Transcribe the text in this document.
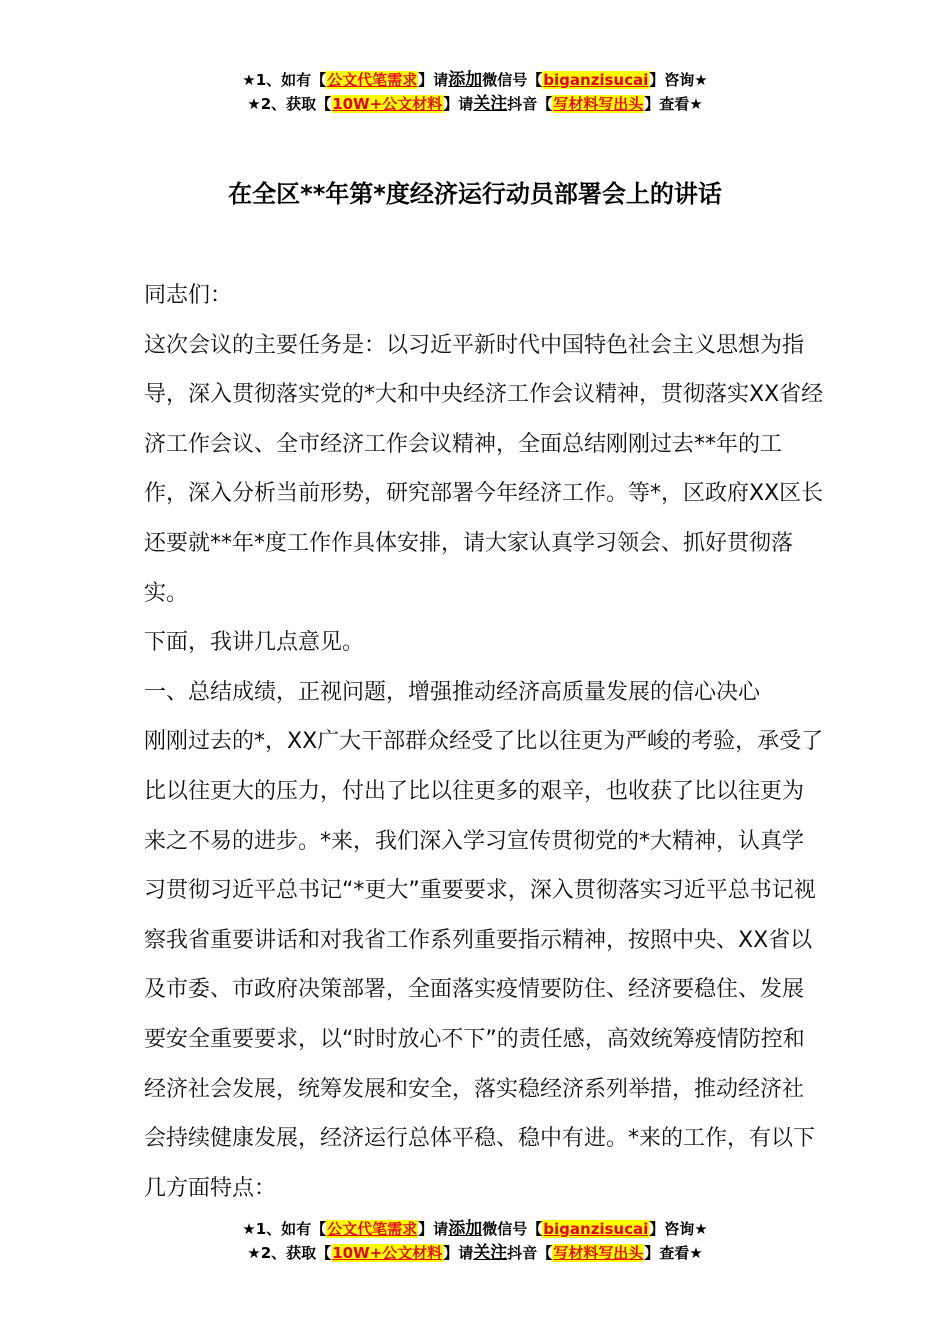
★1、如有【公文代笔需求】请添加微信号【biganzisucai】咨询★
★2、获取【10W+公文材料】请关注抖音【写材料写出头】查看★
在全区**年第*度经济运行动员部署会上的讲话

同志们：

这次会议的主要任务是：以习近平新时代中国特色社会主义思想为指导，深入贯彻落实党的*大和中央经济工作会议精神，贯彻落实XX省经济工作会议、全市经济工作会议精神，全面总结刚刚过去**年的工作，深入分析当前形势，研究部署今年经济工作。等*，区政府XX区长还要就**年*度工作作具体安排，请大家认真学习领会、抓好贯彻落实。

下面，我讲几点意见。

一、总结成绩，正视问题，增强推动经济高质量发展的信心决心

刚刚过去的*，XX广大干部群众经受了比以往更为严峻的考验，承受了比以往更大的压力，付出了比以往更多的艰辛，也收获了比以往更为来之不易的进步。*来，我们深入学习宣传贯彻党的*大精神，认真学习贯彻习近平总书记“*更大”重要要求，深入贯彻落实习近平总书记视察我省重要讲话和对我省工作系列重要指示精神，按照中央、XX省以及市委、市政府决策部署，全面落实疫情要防住、经济要稳住、发展要安全重要要求，以“时时放心不下”的责任感，高效统筹疫情防控和经济社会发展，统筹发展和安全，落实稳经济系列举措，推动经济社会持续健康发展，经济运行总体平稳、稳中有进。*来的工作，有以下几方面特点：

★1、如有【公文代笔需求】请添加微信号【biganzisucai】咨询★
★2、获取【10W+公文材料】请关注抖音【写材料写出头】查看★
